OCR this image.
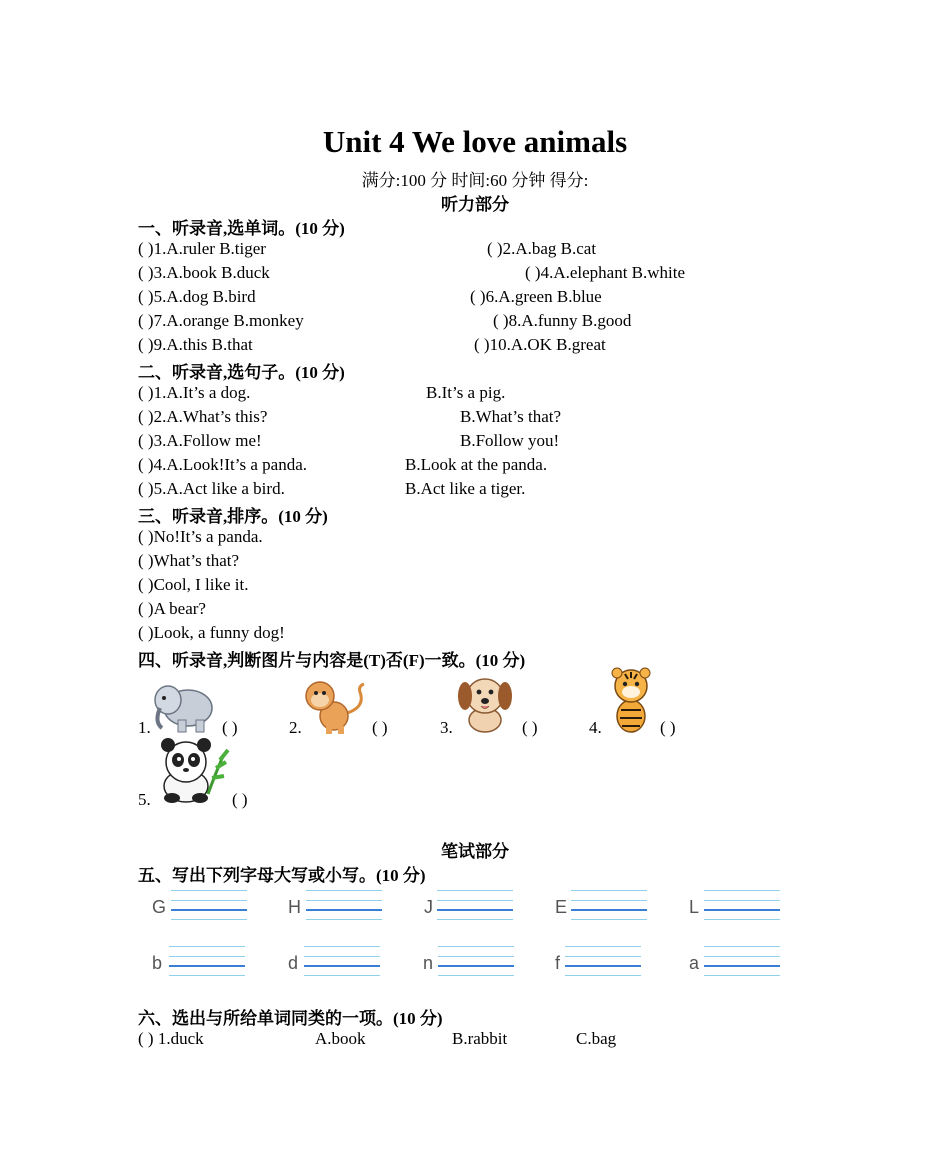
Unit 4 We love animals
满分:100 分 时间:60 分钟 得分:
听力部分
一、听录音,选单词。(10 分)
( )1.A.ruler B.tiger	( )2.A.bag B.cat
( )3.A.book B.duck	( )4.A.elephant B.white
( )5.A.dog B.bird	( )6.A.green B.blue
( )7.A.orange B.monkey	( )8.A.funny B.good
( )9.A.this B.that	( )10.A.OK B.great
二、听录音,选句子。(10 分)
( )1.A.It’s a dog.	B.It’s a pig.
( )2.A.What’s this?	B.What’s that?
( )3.A.Follow me!	B.Follow you!
( )4.A.Look!It’s a panda.	B.Look at the panda.
( )5.A.Act like a bird.	B.Act like a tiger.
三、听录音,排序。(10 分)
( )No!It’s a panda.
( )What’s that?
( )Cool, I like it.
( )A bear?
( )Look, a funny dog!
四、听录音,判断图片与内容是(T)否(F)一致。(10 分)
1.	( )	2.	( )	3.	( )	4.	( )
5.	( )
笔试部分
五、写出下列字母大写或小写。(10 分)
G	H	J	E	L
b	d	n	f	a
六、选出与所给单词同类的一项。(10 分)
( ) 1.duck	A.book	B.rabbit	C.bag
